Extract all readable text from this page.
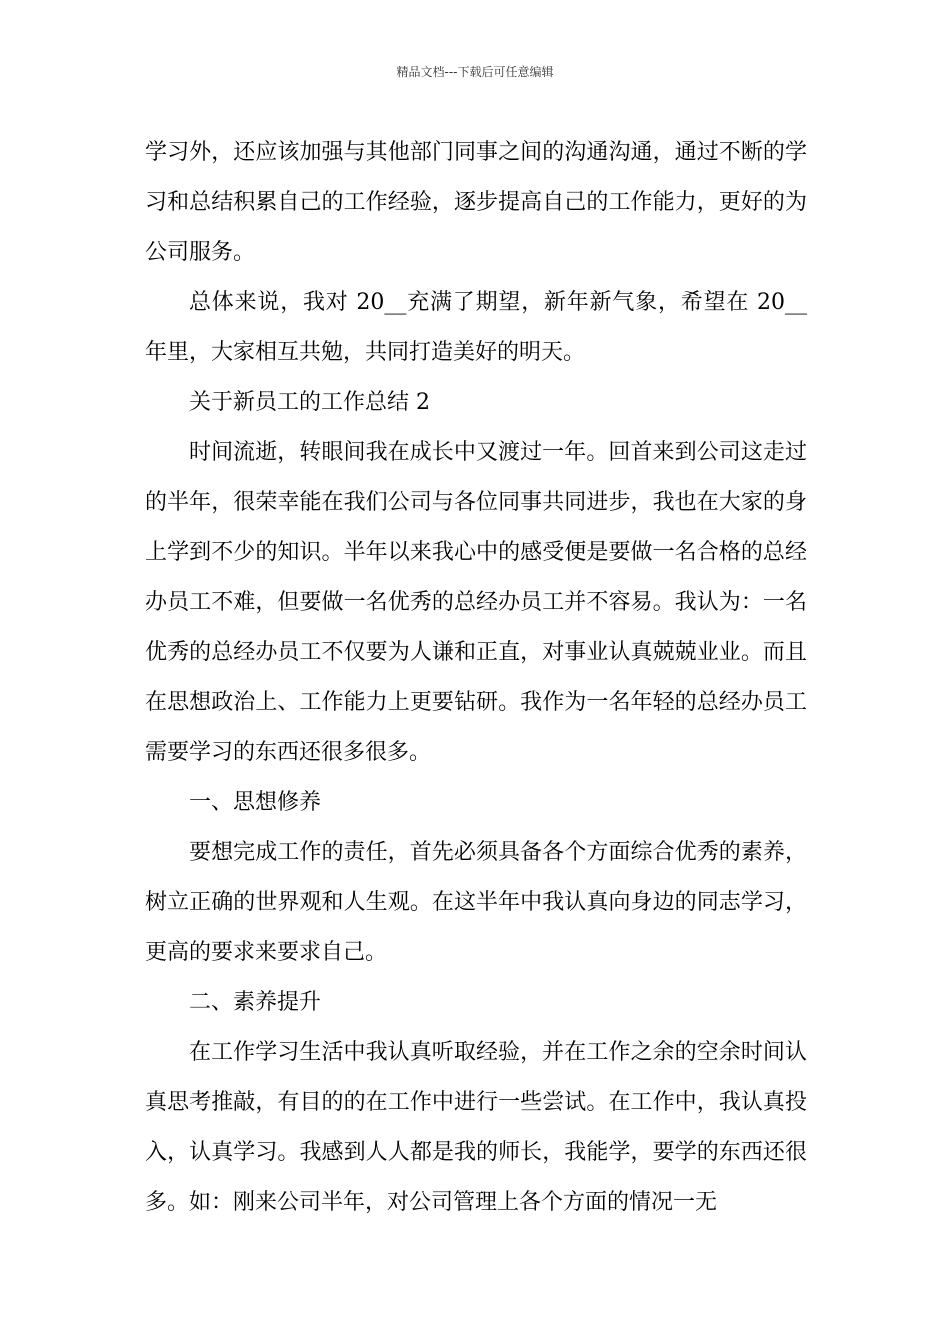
精品文档---下载后可任意编辑

学习外，还应该加强与其他部门同事之间的沟通沟通，通过不断的学习和总结积累自己的工作经验，逐步提高自己的工作能力，更好的为公司服务。

总体来说，我对 20__充满了期望，新年新气象，希望在 20__年里，大家相互共勉，共同打造美好的明天。

关于新员工的工作总结 2

时间流逝，转眼间我在成长中又渡过一年。回首来到公司这走过的半年，很荣幸能在我们公司与各位同事共同进步，我也在大家的身上学到不少的知识。半年以来我心中的感受便是要做一名合格的总经办员工不难，但要做一名优秀的总经办员工并不容易。我认为：一名优秀的总经办员工不仅要为人谦和正直，对事业认真兢兢业业。而且在思想政治上、工作能力上更要钻研。我作为一名年轻的总经办员工需要学习的东西还很多很多。

一、思想修养

要想完成工作的责任，首先必须具备各个方面综合优秀的素养，树立正确的世界观和人生观。在这半年中我认真向身边的同志学习，更高的要求来要求自己。

二、素养提升

在工作学习生活中我认真听取经验，并在工作之余的空余时间认真思考推敲，有目的的在工作中进行一些尝试。在工作中，我认真投入，认真学习。我感到人人都是我的师长，我能学，要学的东西还很多。如：刚来公司半年，对公司管理上各个方面的情况一无
